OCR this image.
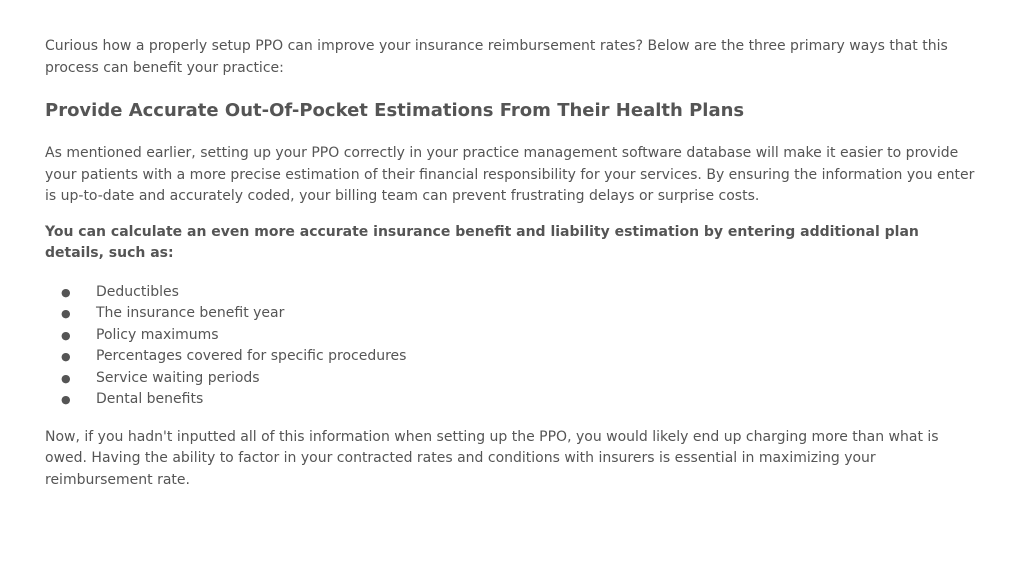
Curious how a properly setup PPO can improve your insurance reimbursement rates? Below are the three primary ways that this process can benefit your practice:

Provide Accurate Out-Of-Pocket Estimations From Their Health Plans

As mentioned earlier, setting up your PPO correctly in your practice management software database will make it easier to provide your patients with a more precise estimation of their financial responsibility for your services. By ensuring the information you enter is up-to-date and accurately coded, your billing team can prevent frustrating delays or surprise costs.

You can calculate an even more accurate insurance benefit and liability estimation by entering additional plan details, such as:

● Deductibles
● The insurance benefit year
● Policy maximums
● Percentages covered for specific procedures
● Service waiting periods
● Dental benefits

Now, if you hadn't inputted all of this information when setting up the PPO, you would likely end up charging more than what is owed. Having the ability to factor in your contracted rates and conditions with insurers is essential in maximizing your reimbursement rate.
